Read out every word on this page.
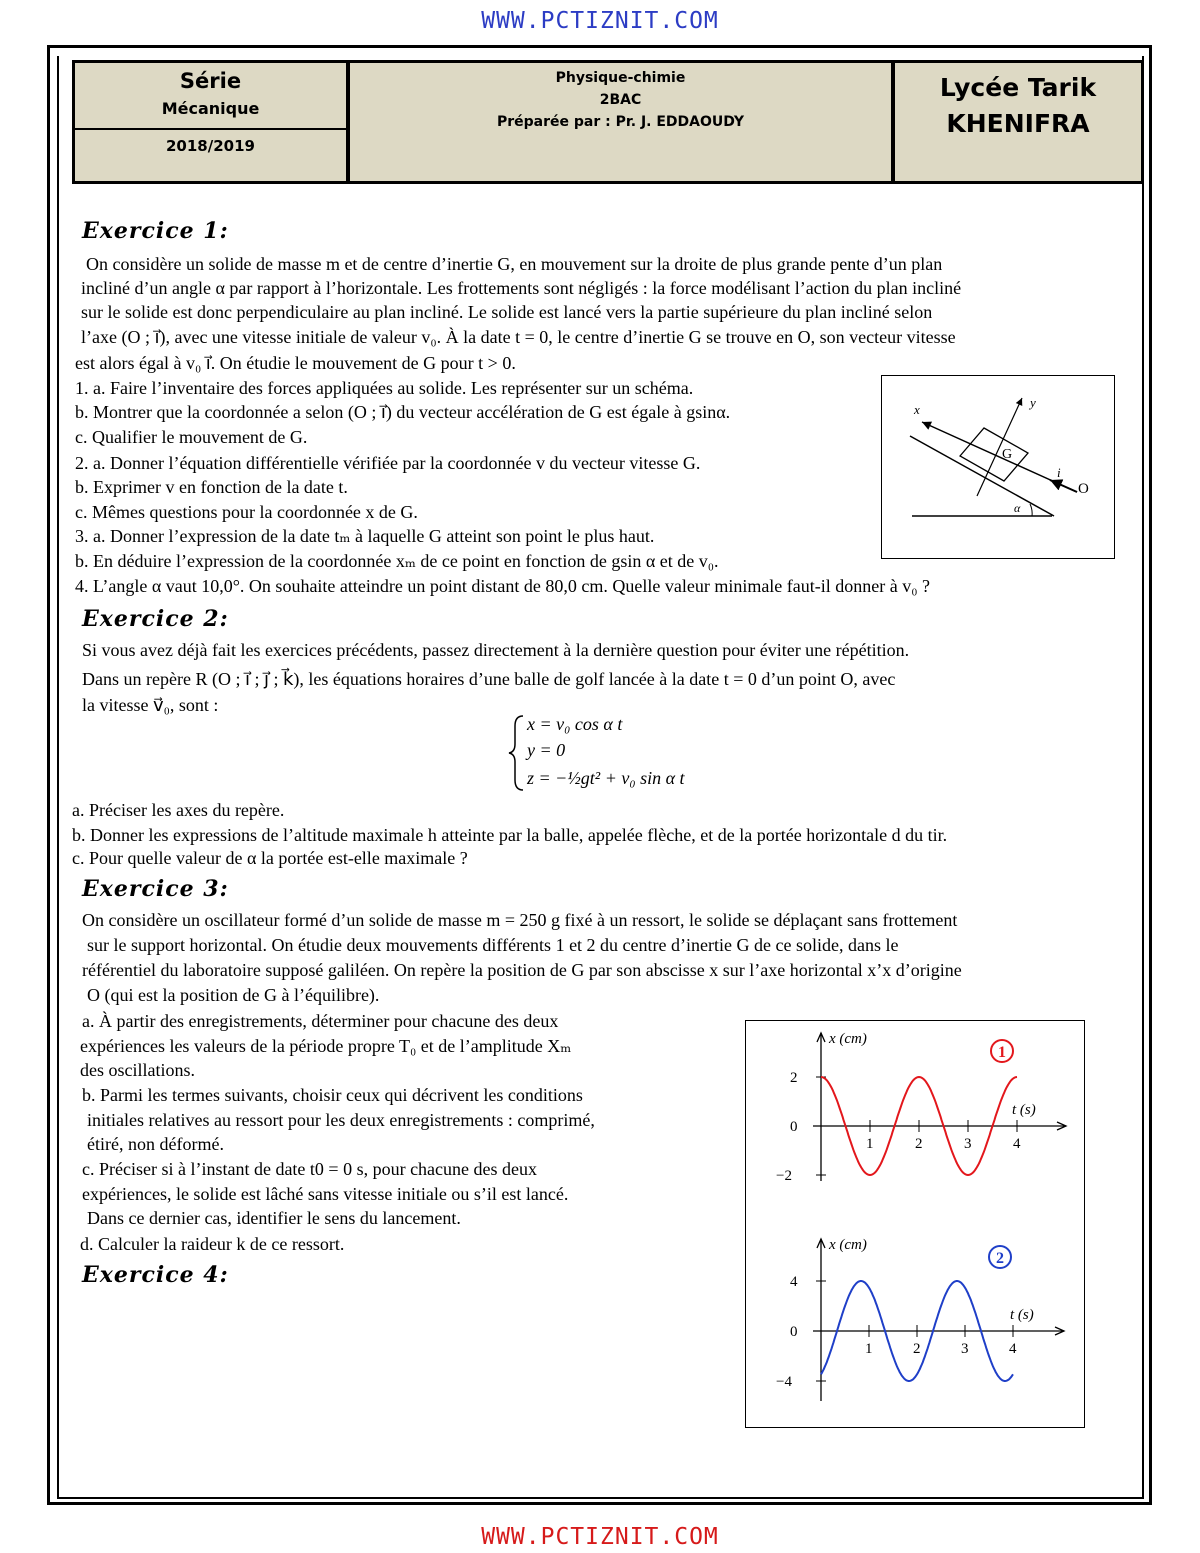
WWW.PCTIZNIT.COM
Série
Mécanique
2018/2019
Physique-chimie
2BAC
Préparée par : Pr. J. EDDAOUDY
Lycée Tarik
KHENIFRA
Exercice 1:
On considère un solide de masse m et de centre d’inertie G, en mouvement sur la droite de plus grande pente d’un plan
incliné d’un angle α par rapport à l’horizontale. Les frottements sont négligés : la force modélisant l’action du plan incliné
sur le solide est donc perpendiculaire au plan incliné. Le solide est lancé vers la partie supérieure du plan incliné selon
l’axe (O ; i⃗), avec une vitesse initiale de valeur v₀. À la date t = 0, le centre d’inertie G se trouve en O, son vecteur vitesse
est alors égal à v₀ i⃗. On étudie le mouvement de G pour t > 0.
1. a. Faire l’inventaire des forces appliquées au solide. Les représenter sur un schéma.
b. Montrer que la coordonnée a selon (O ; i⃗) du vecteur accélération de G est égale à gsinα.
c. Qualifier le mouvement de G.
2. a. Donner l’équation différentielle vérifiée par la coordonnée v du vecteur vitesse G.
b. Exprimer v en fonction de la date t.
c. Mêmes questions pour la coordonnée x de G.
3. a. Donner l’expression de la date tₘ à laquelle G atteint son point le plus haut.
b. En déduire l’expression de la coordonnée xₘ de ce point en fonction de gsin α et de v₀.
4. L’angle α vaut 10,0°. On souhaite atteindre un point distant de 80,0 cm. Quelle valeur minimale faut-il donner à v₀ ?
x	y
G
i⃗
O
α
Exercice 2:
Si vous avez déjà fait les exercices précédents, passez directement à la dernière question pour éviter une répétition.
Dans un repère R (O ; i⃗ ; j⃗ ; k⃗), les équations horaires d’une balle de golf lancée à la date t = 0 d’un point O, avec
la vitesse v⃗₀, sont :
x = v₀ cos α t
y = 0
z = −½gt² + v₀ sin α t
a. Préciser les axes du repère.
b. Donner les expressions de l’altitude maximale h atteinte par la balle, appelée flèche, et de la portée horizontale d du tir.
c. Pour quelle valeur de α la portée est-elle maximale ?
Exercice 3:
On considère un oscillateur formé d’un solide de masse m = 250 g fixé à un ressort, le solide se déplaçant sans frottement
sur le support horizontal. On étudie deux mouvements différents 1 et 2 du centre d’inertie G de ce solide, dans le
référentiel du laboratoire supposé galiléen. On repère la position de G par son abscisse x sur l’axe horizontal x’x d’origine
O (qui est la position de G à l’équilibre).
a. À partir des enregistrements, déterminer pour chacune des deux
expériences les valeurs de la période propre T₀ et de l’amplitude Xₘ
des oscillations.
b. Parmi les termes suivants, choisir ceux qui décrivent les conditions
initiales relatives au ressort pour les deux enregistrements : comprimé,
étiré, non déformé.
c. Préciser si à l’instant de date t0 = 0 s, pour chacune des deux
expériences, le solide est lâché sans vitesse initiale ou s’il est lancé.
Dans ce dernier cas, identifier le sens du lancement.
d. Calculer la raideur k de ce ressort.
Exercice 4:
1	2	3	4
2
0
−2
x (cm)
t (s)
1
1	2	3	4
4
0
−4
x (cm)
t (s)
2
WWW.PCTIZNIT.COM
